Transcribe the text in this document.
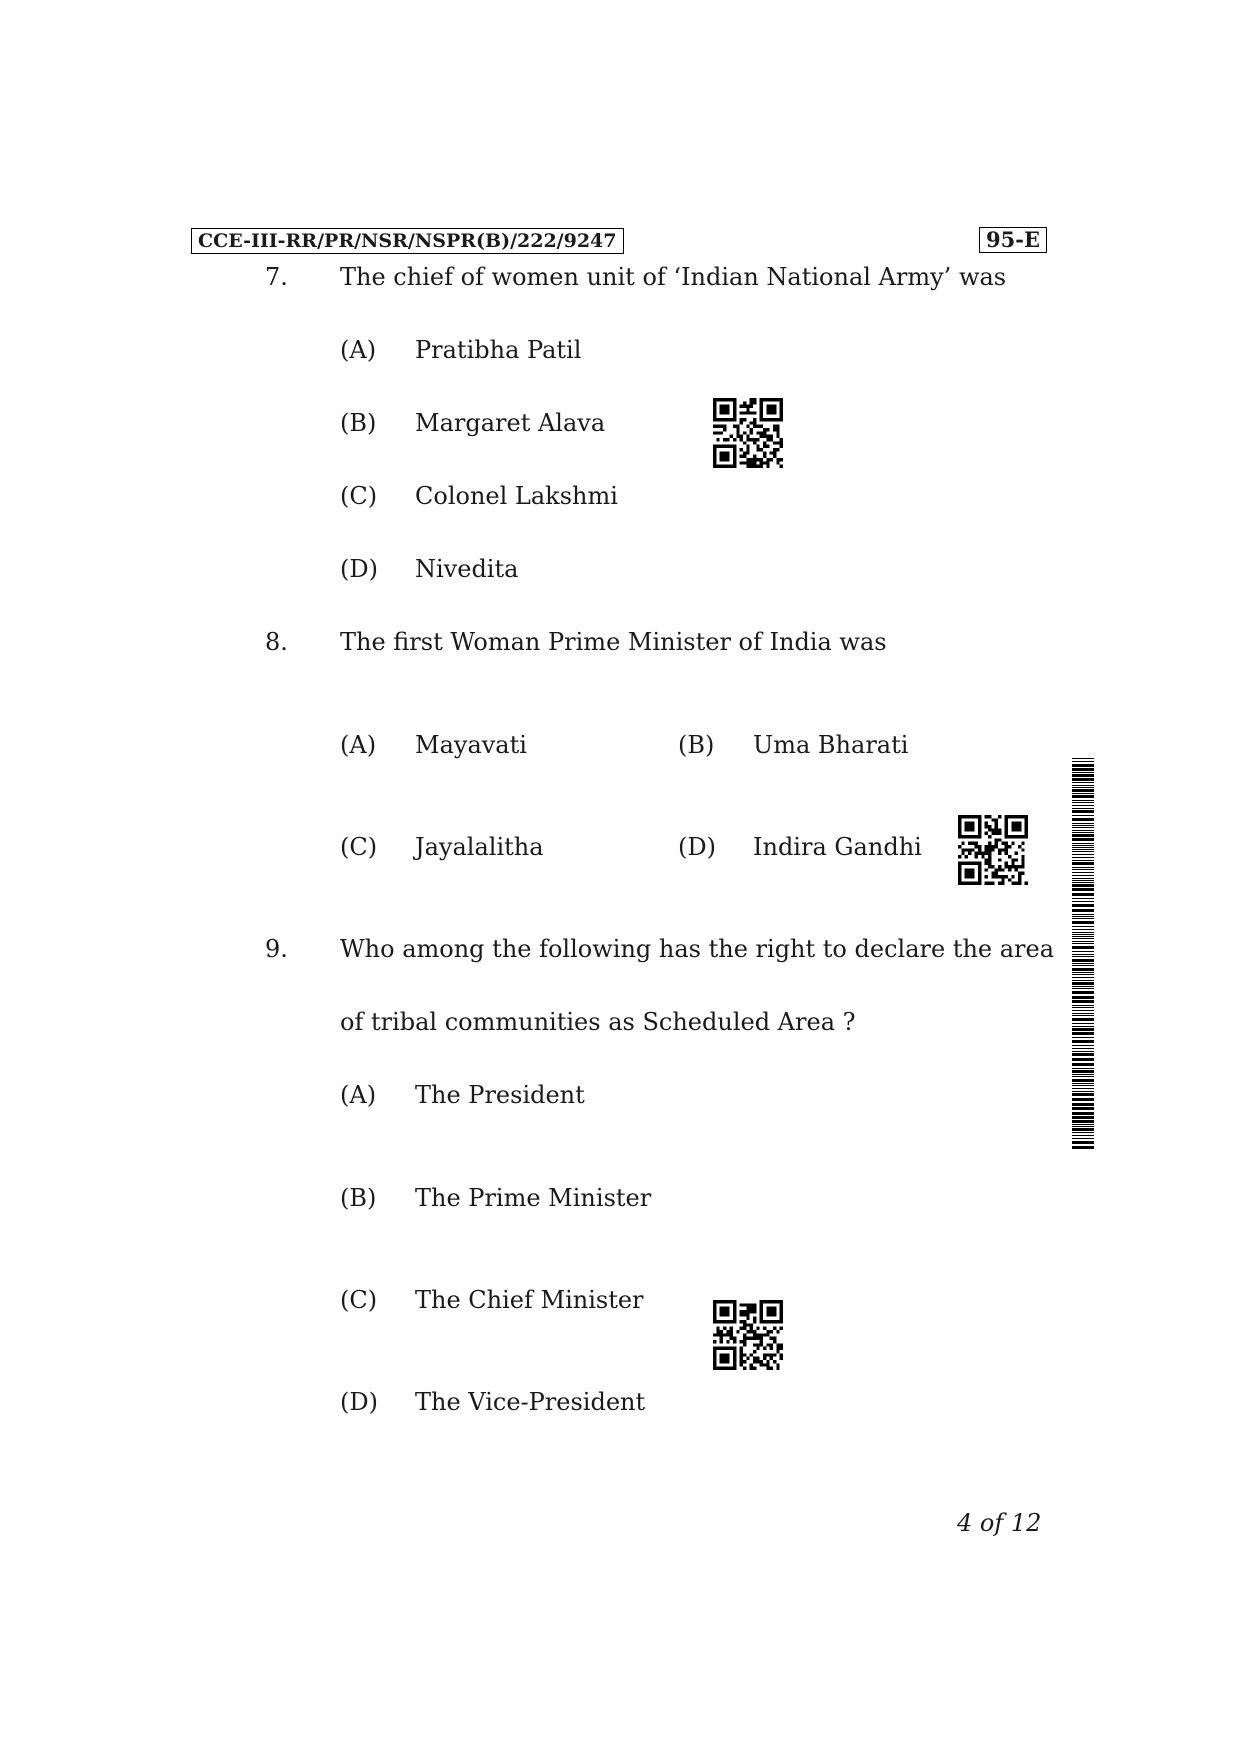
CCE-III-RR/PR/NSR/NSPR(B)/222/9247	95-E
7. The chief of women unit of ‘Indian National Army’ was
(A) Pratibha Patil
(B) Margaret Alava
(C) Colonel Lakshmi
(D) Nivedita
8. The first Woman Prime Minister of India was
(A) Mayavati	(B) Uma Bharati
(C) Jayalalitha	(D) Indira Gandhi
9. Who among the following has the right to declare the area
of tribal communities as Scheduled Area ?
(A) The President
(B) The Prime Minister
(C) The Chief Minister
(D) The Vice-President
4 of 12
